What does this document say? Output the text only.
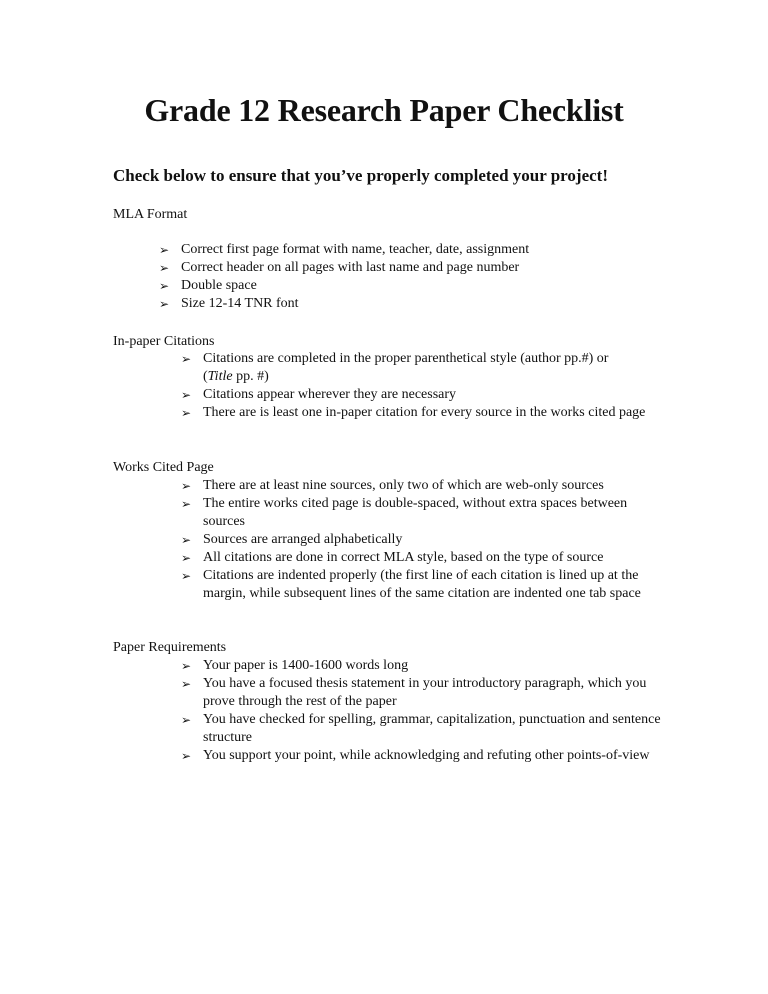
Grade 12 Research Paper Checklist
Check below to ensure that you’ve properly completed your project!
MLA Format
➢ Correct first page format with name, teacher, date, assignment
➢ Correct header on all pages with last name and page number
➢ Double space
➢ Size 12-14 TNR font
In-paper Citations
➢ Citations are completed in the proper parenthetical style (author pp.#) or
(Title pp. #)
➢ Citations appear wherever they are necessary
➢ There are is least one in-paper citation for every source in the works cited page
Works Cited Page
➢ There are at least nine sources, only two of which are web-only sources
➢ The entire works cited page is double-spaced, without extra spaces between sources
➢ Sources are arranged alphabetically
➢ All citations are done in correct MLA style, based on the type of source
➢ Citations are indented properly (the first line of each citation is lined up at the margin, while subsequent lines of the same citation are indented one tab space
Paper Requirements
➢ Your paper is 1400-1600 words long
➢ You have a focused thesis statement in your introductory paragraph, which you prove through the rest of the paper
➢ You have checked for spelling, grammar, capitalization, punctuation and sentence structure
➢ You support your point, while acknowledging and refuting other points-of-view
